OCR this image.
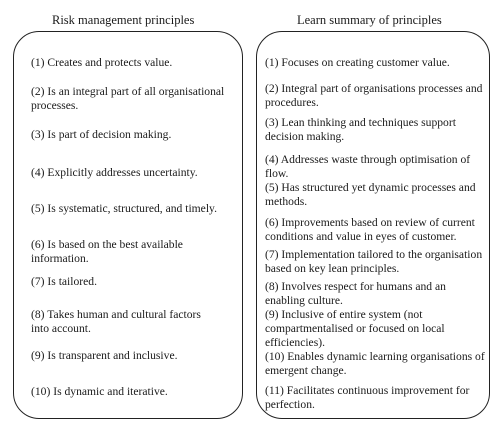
Risk management principles	Learn summary of principles

(1) Creates and protects value.

(2) Is an integral part of all organisational
processes.

(3) Is part of decision making.

(4) Explicitly addresses uncertainty.

(5) Is systematic, structured, and timely.

(6) Is based on the best available information.

(7) Is tailored.

(8) Takes human and cultural factors
into account.

(9) Is transparent and inclusive.

(10) Is dynamic and iterative.

(1) Focuses on creating customer value.

(2) Integral part of organisations processes and
procedures.

(3) Lean thinking and techniques support
decision making.

(4) Addresses waste through optimisation of flow.

(5) Has structured yet dynamic processes and
methods.

(6) Improvements based on review of current
conditions and value in eyes of customer.

(7) Implementation tailored to the organisation
based on key lean principles.

(8) Involves respect for humans and an
enabling culture.

(9) Inclusive of entire system (not
compartmentalised or focused on local
efficiencies).

(10) Enables dynamic learning organisations of
emergent change.

(11) Facilitates continuous improvement for
perfection.
